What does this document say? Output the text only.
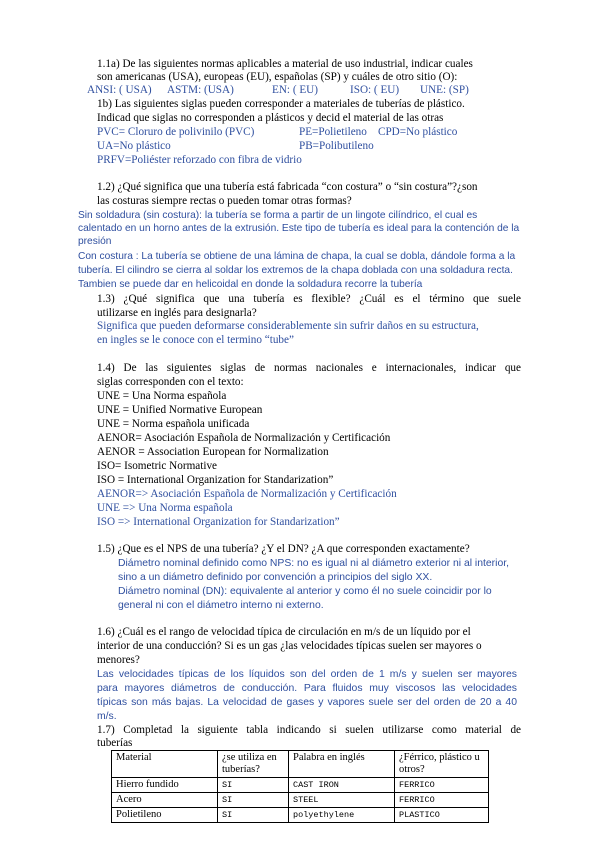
1.1a) De las siguientes normas aplicables a material de uso industrial, indicar cuales
son americanas (USA), europeas (EU), españolas (SP) y cuáles de otro sitio (O):
ANSI: ( USA) ASTM: (USA)	EN: ( EU)	ISO: ( EU) UNE: (SP)
1b) Las siguientes siglas pueden corresponder a materiales de tuberías de plástico.
Indicad que siglas no corresponden a plásticos y decid el material de las otras
PVC= Cloruro de polivinilo (PVC)	PE=Polietileno CPD=No plástico
UA=No plástico	PB=Polibutileno
PRFV=Poliéster reforzado con fibra de vidrio
1.2) ¿Qué significa que una tubería está fabricada “con costura” o “sin costura”?¿son
las costuras siempre rectas o pueden tomar otras formas?
Sin soldadura (sin costura): la tubería se forma a partir de un lingote cilíndrico, el cual es
calentado en un horno antes de la extrusión. Este tipo de tubería es ideal para la contención de la
presión
Con costura : La tubería se obtiene de una lámina de chapa, la cual se dobla, dándole forma a la
tubería. El cilindro se cierra al soldar los extremos de la chapa doblada con una soldadura recta.
Tambien se puede dar en helicoidal en donde la soldadura recorre la tubería
1.3) ¿Qué significa que una tubería es flexible? ¿Cuál es el término que suele
utilizarse en inglés para designarla?
Significa que pueden deformarse considerablemente sin sufrir daños en su estructura,
en ingles se le conoce con el termino “tube”
1.4) De las siguientes siglas de normas nacionales e internacionales, indicar que
siglas corresponden con el texto:
UNE = Una Norma española
UNE = Unified Normative European
UNE = Norma española unificada
AENOR= Asociación Española de Normalización y Certificación
AENOR = Association European for Normalization
ISO= Isometric Normative
ISO = International Organization for Standarization”
AENOR=> Asociación Española de Normalización y Certificación
UNE => Una Norma española
ISO => International Organization for Standarization”
1.5) ¿Que es el NPS de una tubería? ¿Y el DN? ¿A que corresponden exactamente?
Diámetro nominal definido como NPS: no es igual ni al diámetro exterior ni al interior,
sino a un diámetro definido por convención a principios del siglo XX.
Diámetro nominal (DN): equivalente al anterior y como él no suele coincidir por lo
general ni con el diámetro interno ni externo.
1.6) ¿Cuál es el rango de velocidad típica de circulación en m/s de un líquido por el
interior de una conducción? Si es un gas ¿las velocidades típicas suelen ser mayores o
menores?
Las velocidades típicas de los líquidos son del orden de 1 m/s y suelen ser mayores
para mayores diámetros de conducción. Para fluidos muy viscosos las velocidades
típicas son más bajas. La velocidad de gases y vapores suele ser del orden de 20 a 40
m/s.
1.7) Completad la siguiente tabla indicando si suelen utilizarse como material de
tuberías
Material	¿se utiliza en tuberías?	Palabra en inglés	¿Férrico, plástico u otros?
Hierro fundido	SI	CAST IRON	FERRICO
Acero	SI	STEEL	FERRICO
Polietileno	SI	polyethylene	PLASTICO
